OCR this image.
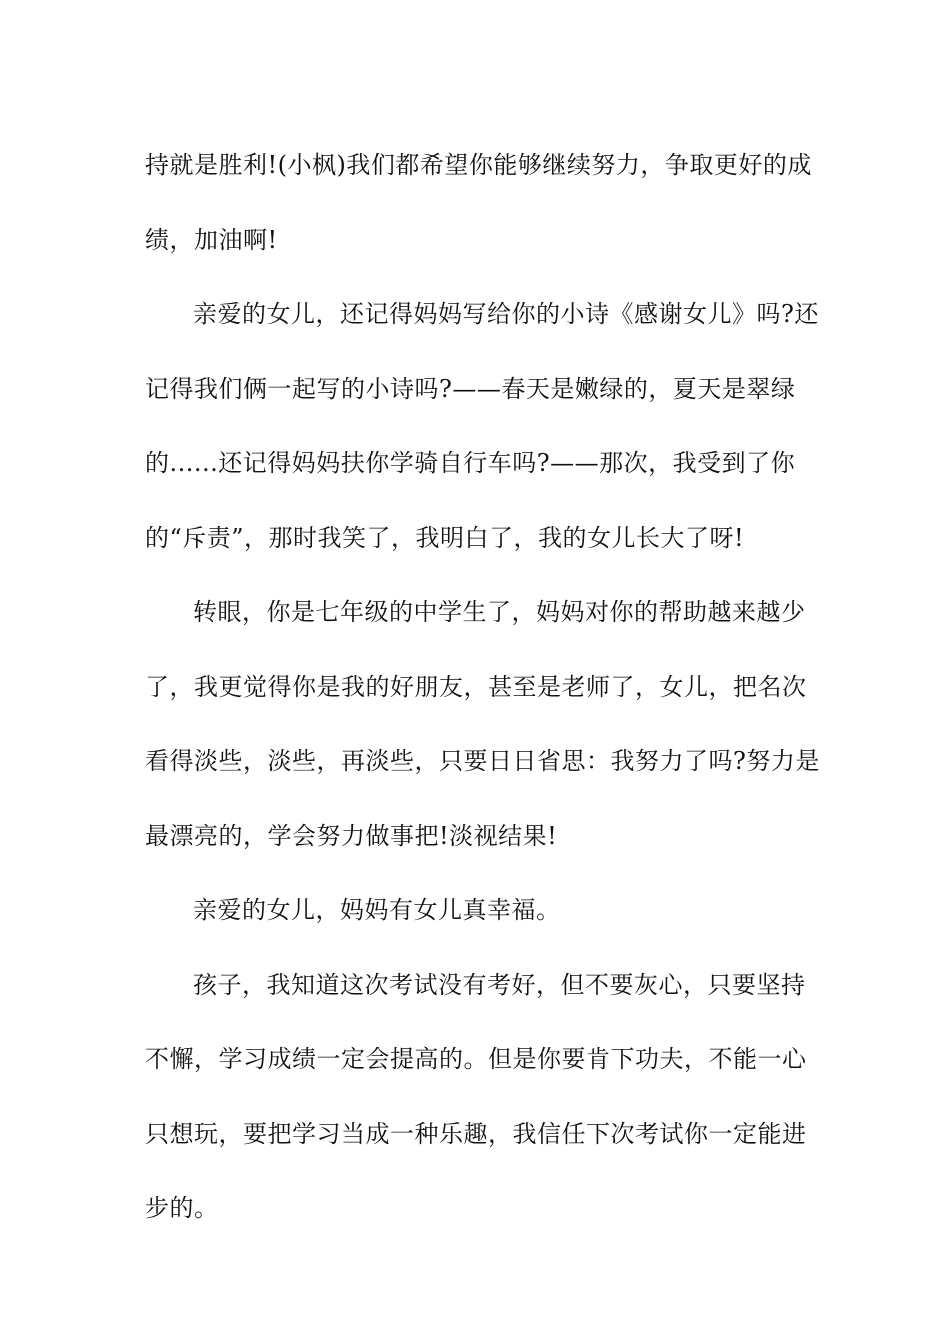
持就是胜利!(小枫)我们都希望你能够继续努力，争取更好的成
绩，加油啊!
亲爱的女儿，还记得妈妈写给你的小诗《感谢女儿》吗?还
记得我们俩一起写的小诗吗?——春天是嫩绿的，夏天是翠绿
的......还记得妈妈扶你学骑自行车吗?——那次，我受到了你
的“斥责”，那时我笑了，我明白了，我的女儿长大了呀!
转眼，你是七年级的中学生了，妈妈对你的帮助越来越少
了，我更觉得你是我的好朋友，甚至是老师了，女儿，把名次
看得淡些，淡些，再淡些，只要日日省思：我努力了吗?努力是
最漂亮的，学会努力做事把!淡视结果!
亲爱的女儿，妈妈有女儿真幸福。
孩子，我知道这次考试没有考好，但不要灰心，只要坚持
不懈，学习成绩一定会提高的。但是你要肯下功夫，不能一心
只想玩，要把学习当成一种乐趣，我信任下次考试你一定能进
步的。
